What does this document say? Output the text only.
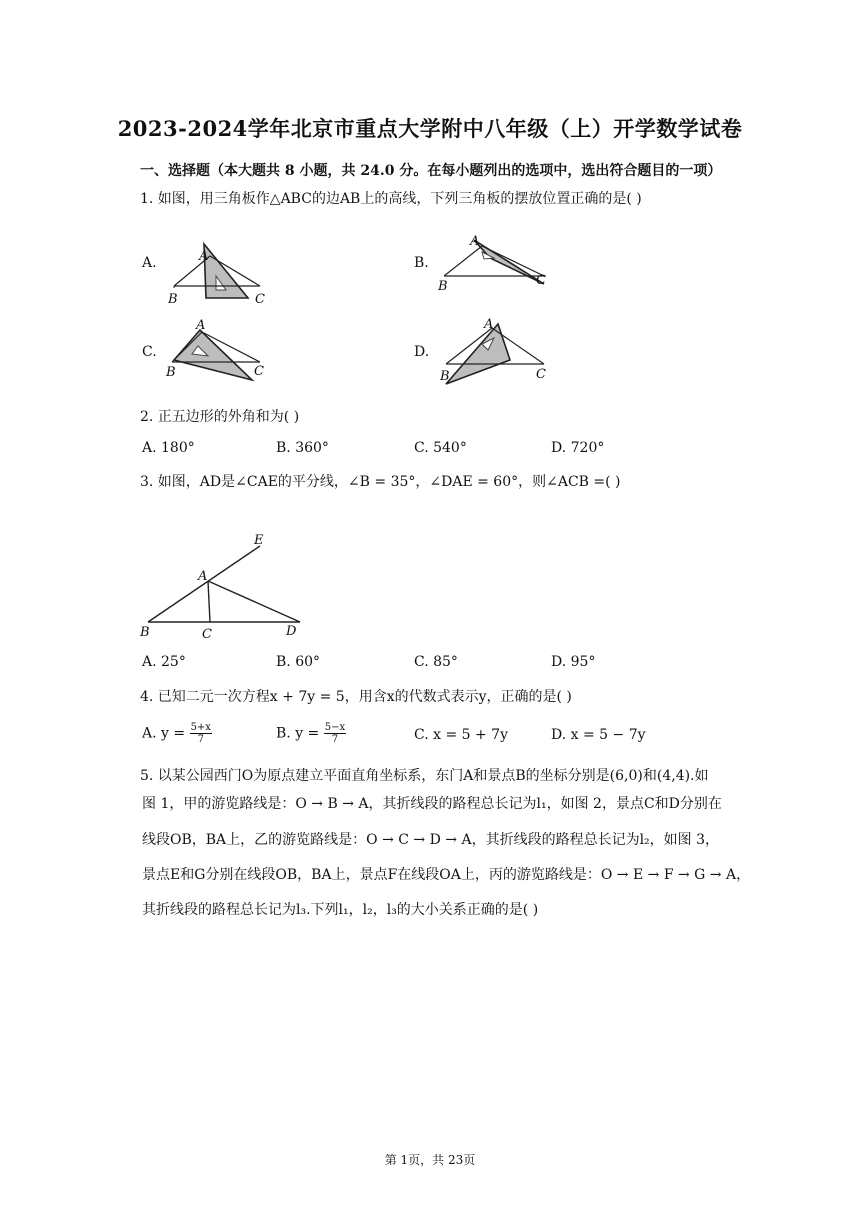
2023-2024学年北京市重点大学附中八年级（上）开学数学试卷
一、选择题（本大题共 8 小题，共 24.0 分。在每小题列出的选项中，选出符合题目的一项）
1. 如图，用三角板作△ABC的边AB上的高线，下列三角板的摆放位置正确的是( )
A.	A
B	C
B.
A
B	C
C.
A
B	C
D.
A
B	C
2. 正五边形的外角和为( )
A. 180°	B. 360°	C. 540°	D. 720°
3. 如图，AD是∠CAE的平分线，∠B = 35°，∠DAE = 60°，则∠ACB =( )
E
A
B	C	D
A. 25°	B. 60°	C. 85°	D. 95°
4. 已知二元一次方程x + 7y = 5，用含x的代数式表示y，正确的是( )
A. $y = \frac{5+x}{7}$	B. $y = \frac{5-x}{7}$	C. x = 5 + 7y	D. x = 5 − 7y
5. 以某公园西门O为原点建立平面直角坐标系，东门A和景点B的坐标分别是(6,0)和(4,4).如
图 1，甲的游览路线是：O → B → A，其折线段的路程总长记为l₁，如图 2，景点C和D分别在
线段OB，BA上，乙的游览路线是：O → C → D → A，其折线段的路程总长记为l₂，如图 3，
景点E和G分别在线段OB，BA上，景点F在线段OA上，丙的游览路线是：O → E → F → G → A，
其折线段的路程总长记为l₃.下列l₁，l₂，l₃的大小关系正确的是( )
第 1页，共 23页
